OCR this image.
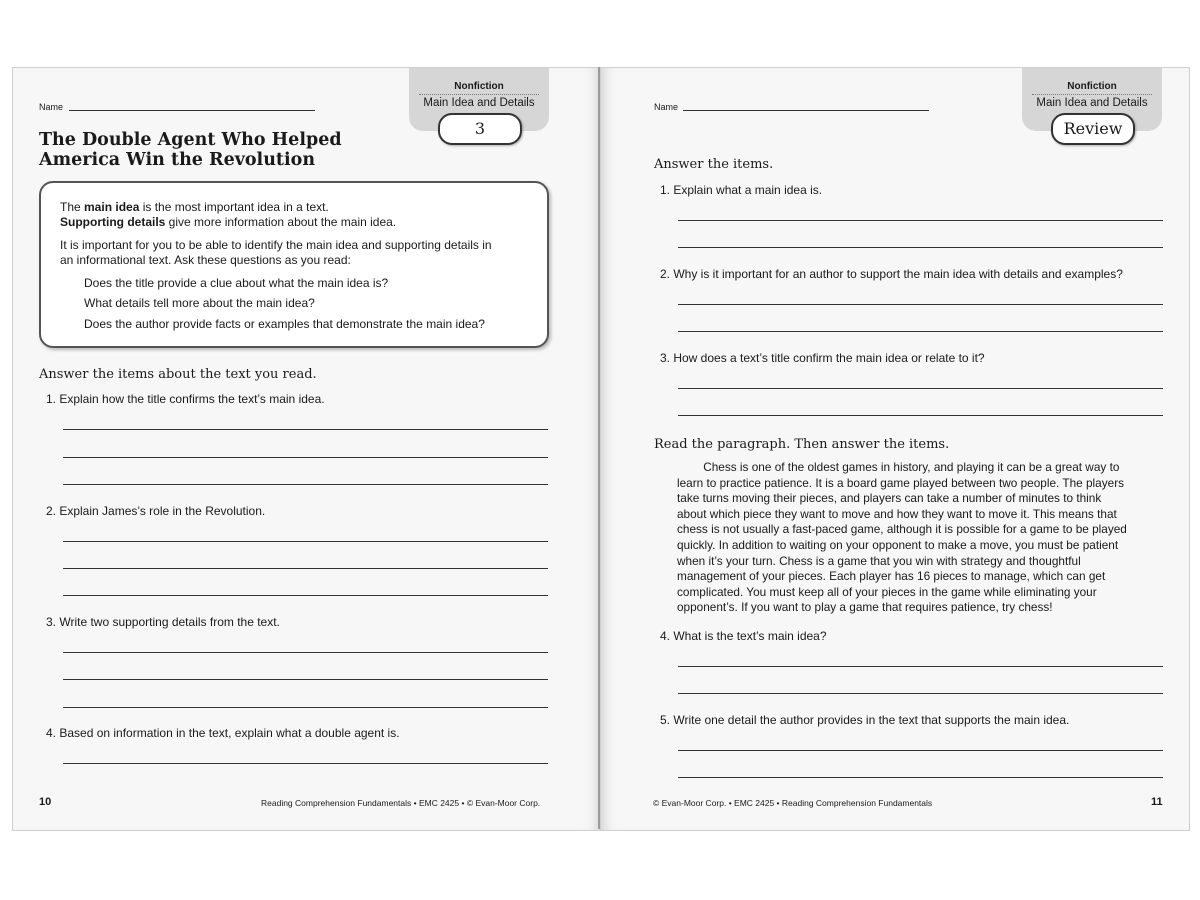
Name
Nonfiction
Main Idea and Details
3
The Double Agent Who Helped
America Win the Revolution
The main idea is the most important idea in a text.
Supporting details give more information about the main idea.
It is important for you to be able to identify the main idea and supporting details in
an informational text. Ask these questions as you read:
Does the title provide a clue about what the main idea is?
What details tell more about the main idea?
Does the author provide facts or examples that demonstrate the main idea?
Answer the items about the text you read.
1. Explain how the title confirms the text’s main idea.
2. Explain James’s role in the Revolution.
3. Write two supporting details from the text.
4. Based on information in the text, explain what a double agent is.
10	Reading Comprehension Fundamentals • EMC 2425 • © Evan-Moor Corp.
Name
Nonfiction
Main Idea and Details
Review
Answer the items.
1. Explain what a main idea is.
2. Why is it important for an author to support the main idea with details and examples?
3. How does a text’s title confirm the main idea or relate to it?
Read the paragraph. Then answer the items.
Chess is one of the oldest games in history, and playing it can be a great way to
learn to practice patience. It is a board game played between two people. The players
take turns moving their pieces, and players can take a number of minutes to think
about which piece they want to move and how they want to move it. This means that
chess is not usually a fast-paced game, although it is possible for a game to be played
quickly. In addition to waiting on your opponent to make a move, you must be patient
when it’s your turn. Chess is a game that you win with strategy and thoughtful
management of your pieces. Each player has 16 pieces to manage, which can get
complicated. You must keep all of your pieces in the game while eliminating your
opponent’s. If you want to play a game that requires patience, try chess!
4. What is the text’s main idea?
5. Write one detail the author provides in the text that supports the main idea.
© Evan-Moor Corp. • EMC 2425 • Reading Comprehension Fundamentals	11
